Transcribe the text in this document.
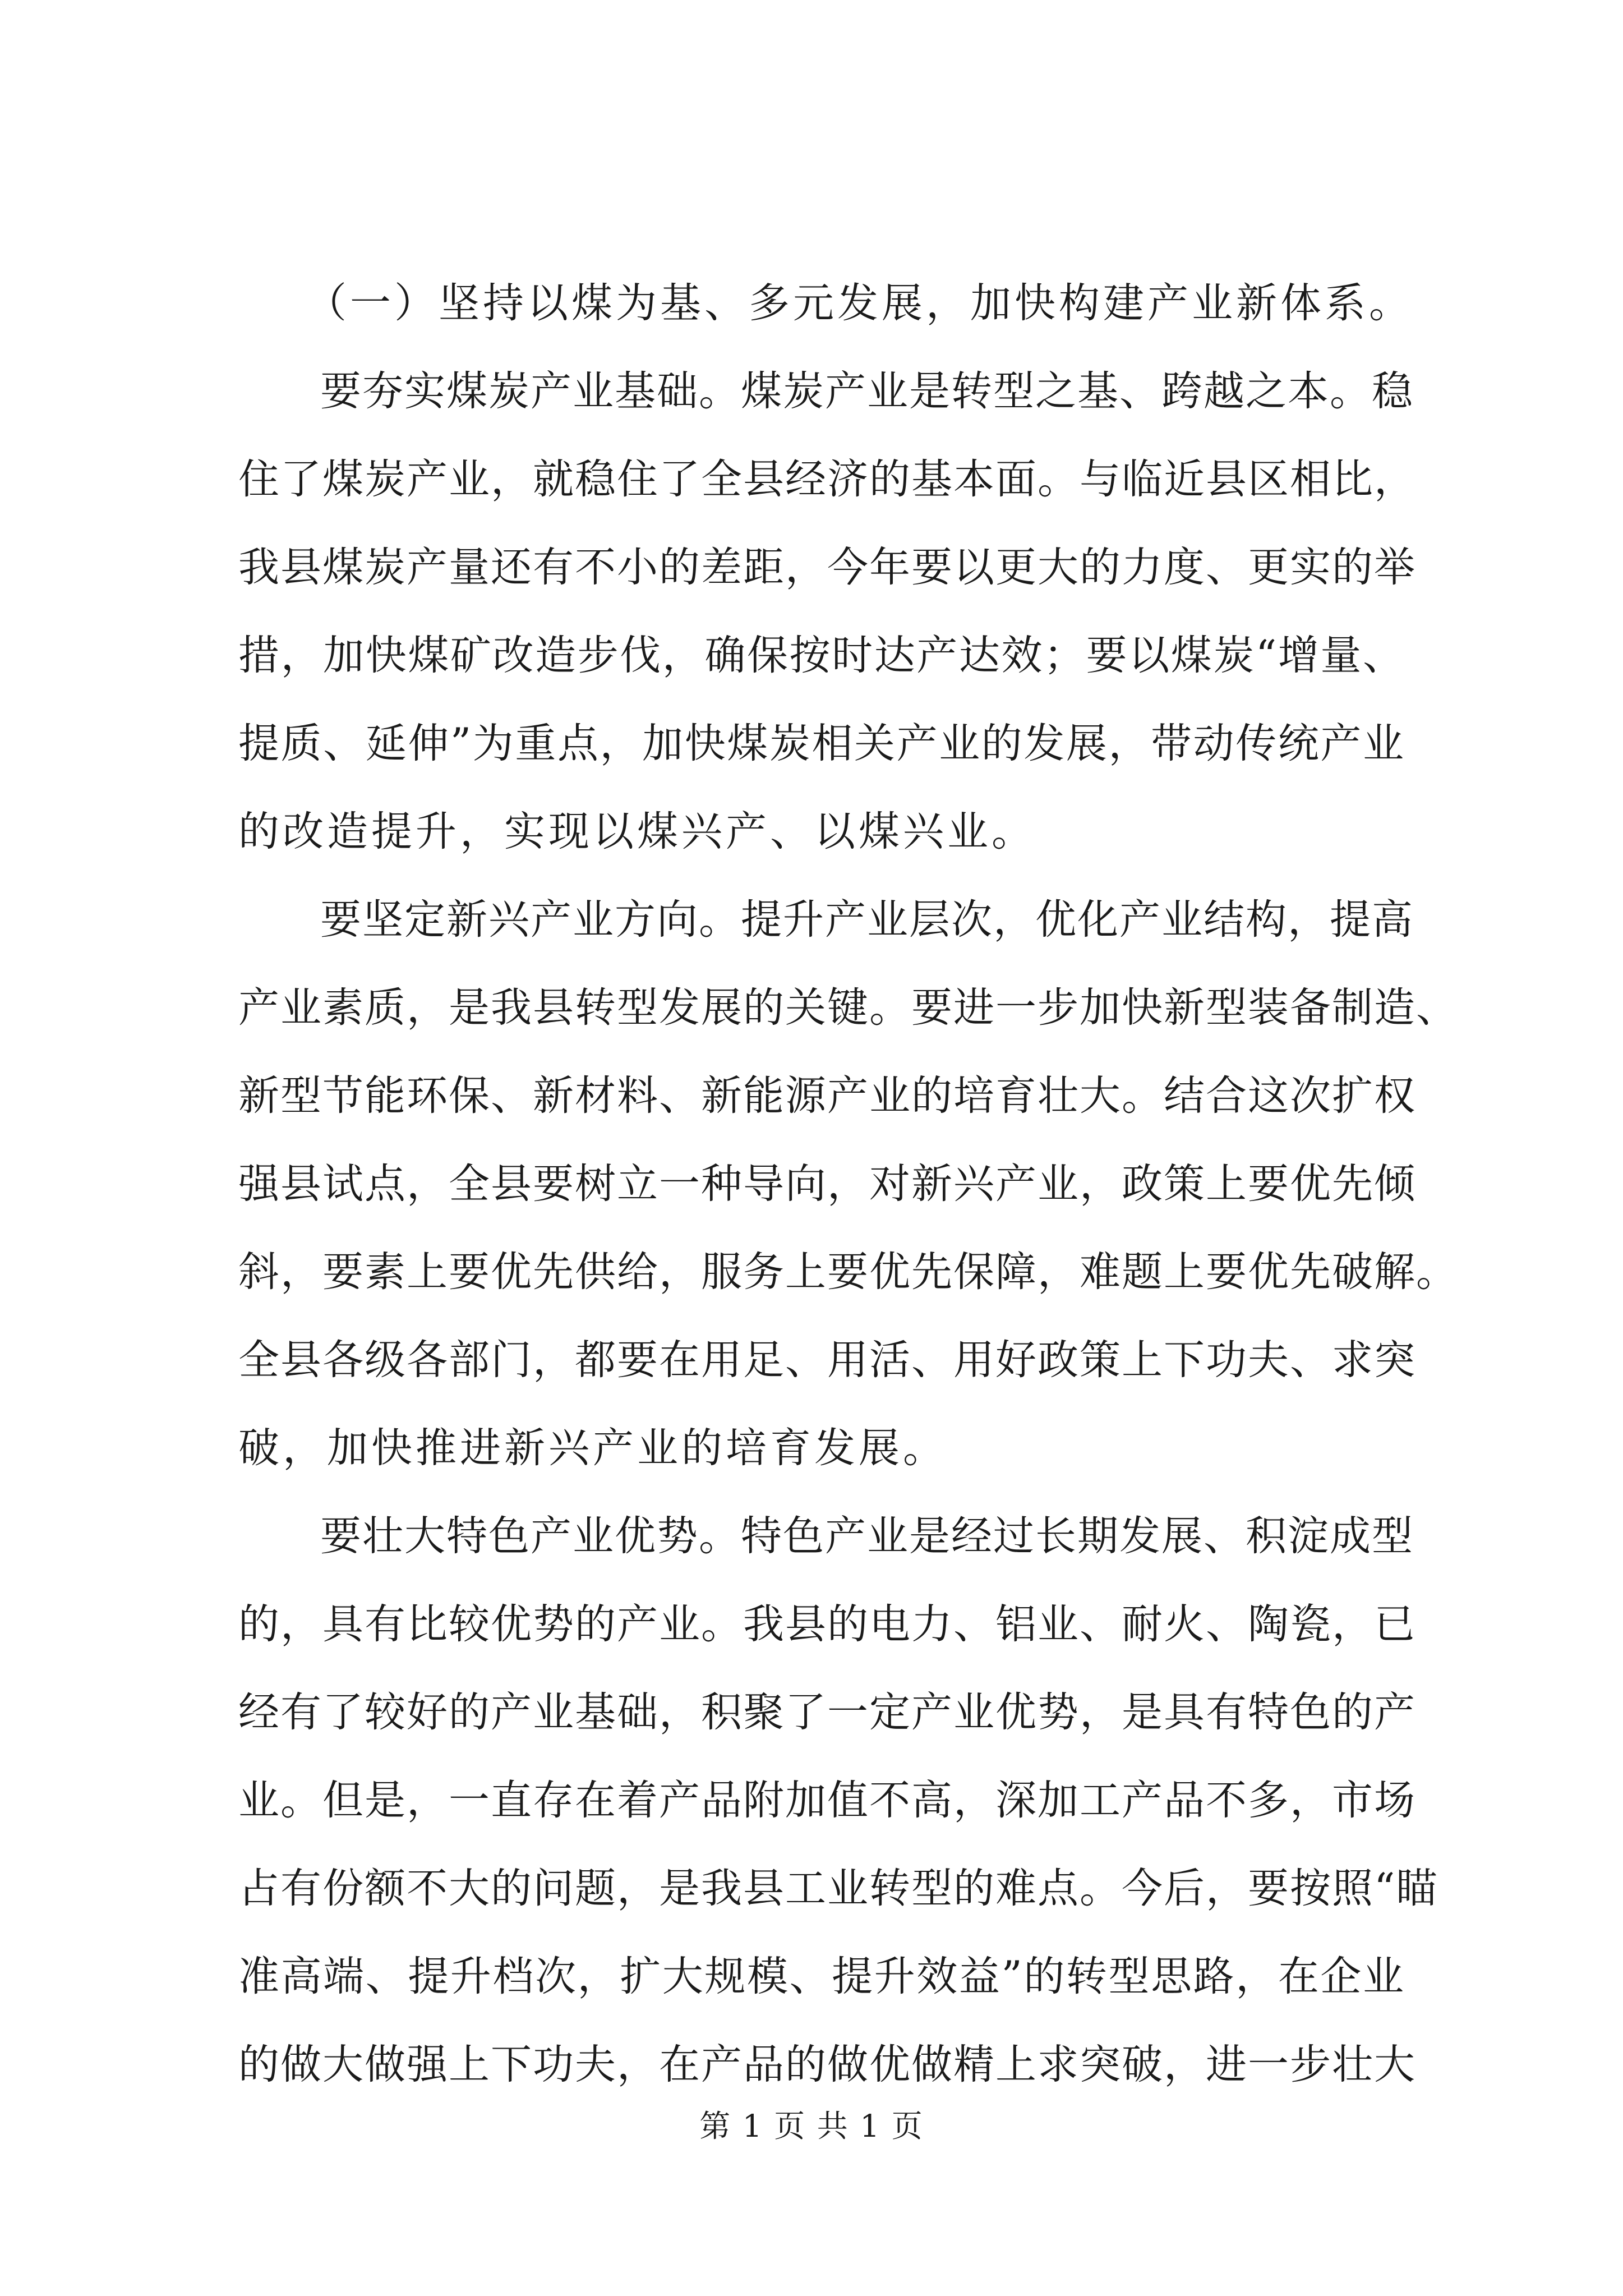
（一）坚持以煤为基、多元发展，加快构建产业新体系。
要夯实煤炭产业基础。煤炭产业是转型之基、跨越之本。稳
住了煤炭产业，就稳住了全县经济的基本面。与临近县区相比，
我县煤炭产量还有不小的差距，今年要以更大的力度、更实的举
措，加快煤矿改造步伐，确保按时达产达效；要以煤炭“增量、
提质、延伸”为重点，加快煤炭相关产业的发展，带动传统产业
的改造提升，实现以煤兴产、以煤兴业。
要坚定新兴产业方向。提升产业层次，优化产业结构，提高
产业素质，是我县转型发展的关键。要进一步加快新型装备制造、
新型节能环保、新材料、新能源产业的培育壮大。结合这次扩权
强县试点，全县要树立一种导向，对新兴产业，政策上要优先倾
斜，要素上要优先供给，服务上要优先保障，难题上要优先破解。
全县各级各部门，都要在用足、用活、用好政策上下功夫、求突
破，加快推进新兴产业的培育发展。
要壮大特色产业优势。特色产业是经过长期发展、积淀成型
的，具有比较优势的产业。我县的电力、铝业、耐火、陶瓷，已
经有了较好的产业基础，积聚了一定产业优势，是具有特色的产
业。但是，一直存在着产品附加值不高，深加工产品不多，市场
占有份额不大的问题，是我县工业转型的难点。今后，要按照“瞄
准高端、提升档次，扩大规模、提升效益”的转型思路，在企业
的做大做强上下功夫，在产品的做优做精上求突破，进一步壮大
第 1 页 共 1 页
